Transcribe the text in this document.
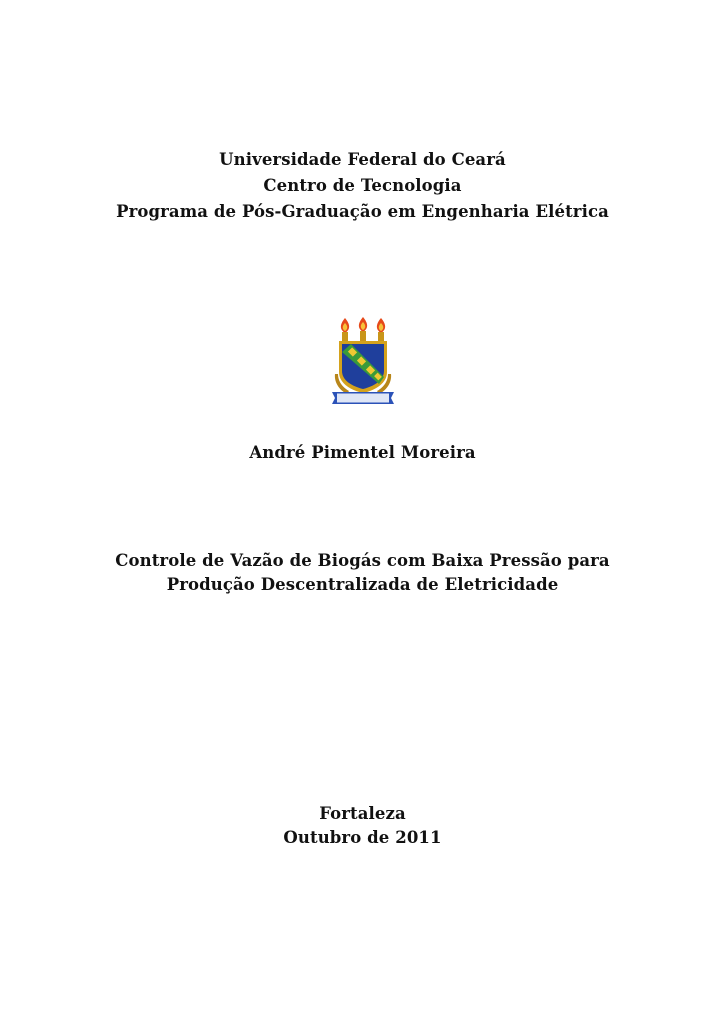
Universidade Federal do Ceará
Centro de Tecnologia
Programa de Pós-Graduação em Engenharia Elétrica
André Pimentel Moreira
Controle de Vazão de Biogás com Baixa Pressão para
Produção Descentralizada de Eletricidade
Fortaleza
Outubro de 2011
